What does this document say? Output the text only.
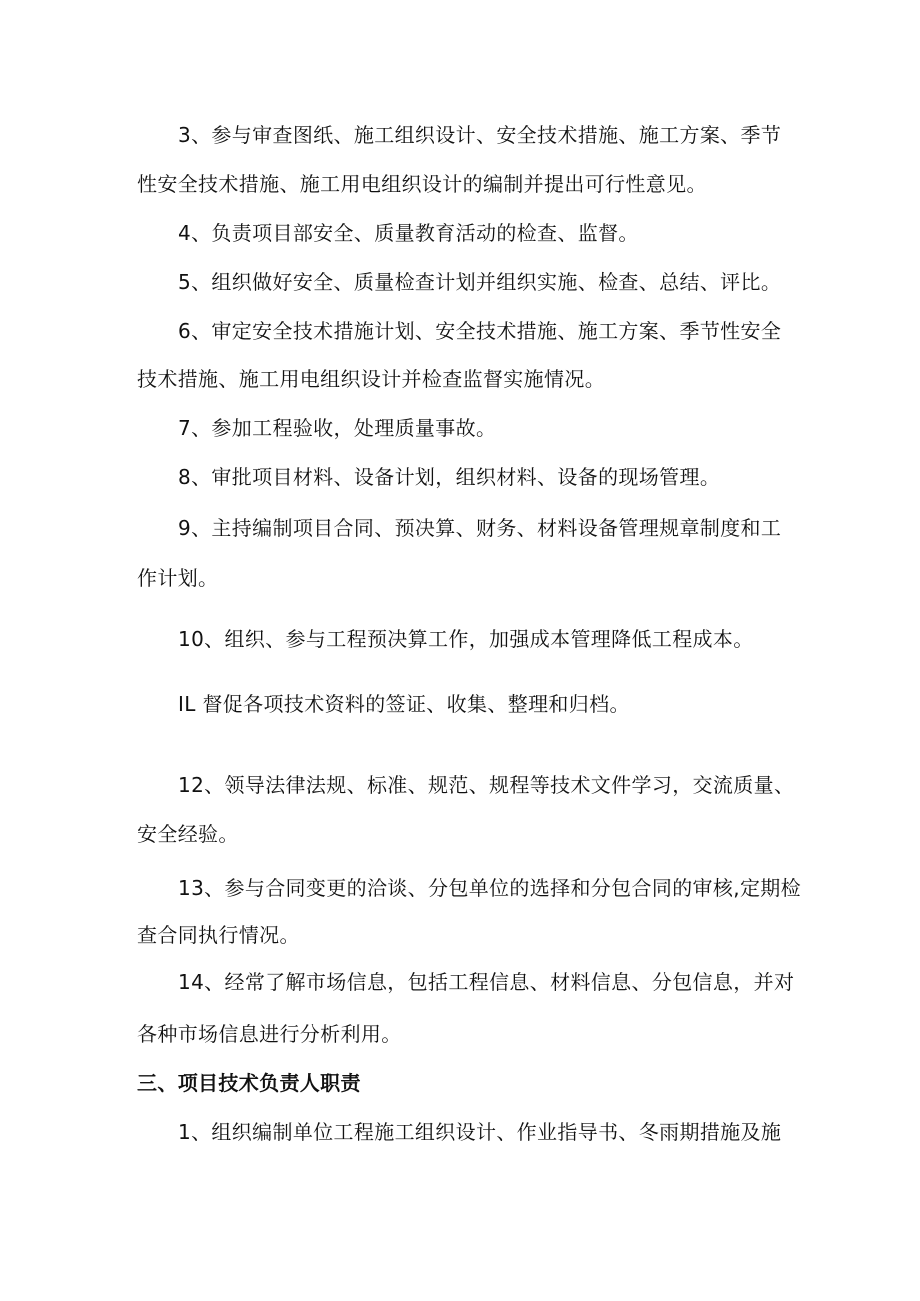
3、参与审查图纸、施工组织设计、安全技术措施、施工方案、季节

性安全技术措施、施工用电组织设计的编制并提出可行性意见。

4、负责项目部安全、质量教育活动的检查、监督。

5、组织做好安全、质量检查计划并组织实施、检查、总结、评比。

6、审定安全技术措施计划、安全技术措施、施工方案、季节性安全

技术措施、施工用电组织设计并检查监督实施情况。

7、参加工程验收，处理质量事故。

8、审批项目材料、设备计划，组织材料、设备的现场管理。

9、主持编制项目合同、预决算、财务、材料设备管理规章制度和工

作计划。

10、组织、参与工程预决算工作，加强成本管理降低工程成本。

IL 督促各项技术资料的签证、收集、整理和归档。

12、领导法律法规、标准、规范、规程等技术文件学习，交流质量、

安全经验。

13、参与合同变更的洽谈、分包单位的选择和分包合同的审核,定期检

查合同执行情况。

14、经常了解市场信息，包括工程信息、材料信息、分包信息，并对

各种市场信息进行分析利用。

三、项目技术负责人职责

1、组织编制单位工程施工组织设计、作业指导书、冬雨期措施及施
